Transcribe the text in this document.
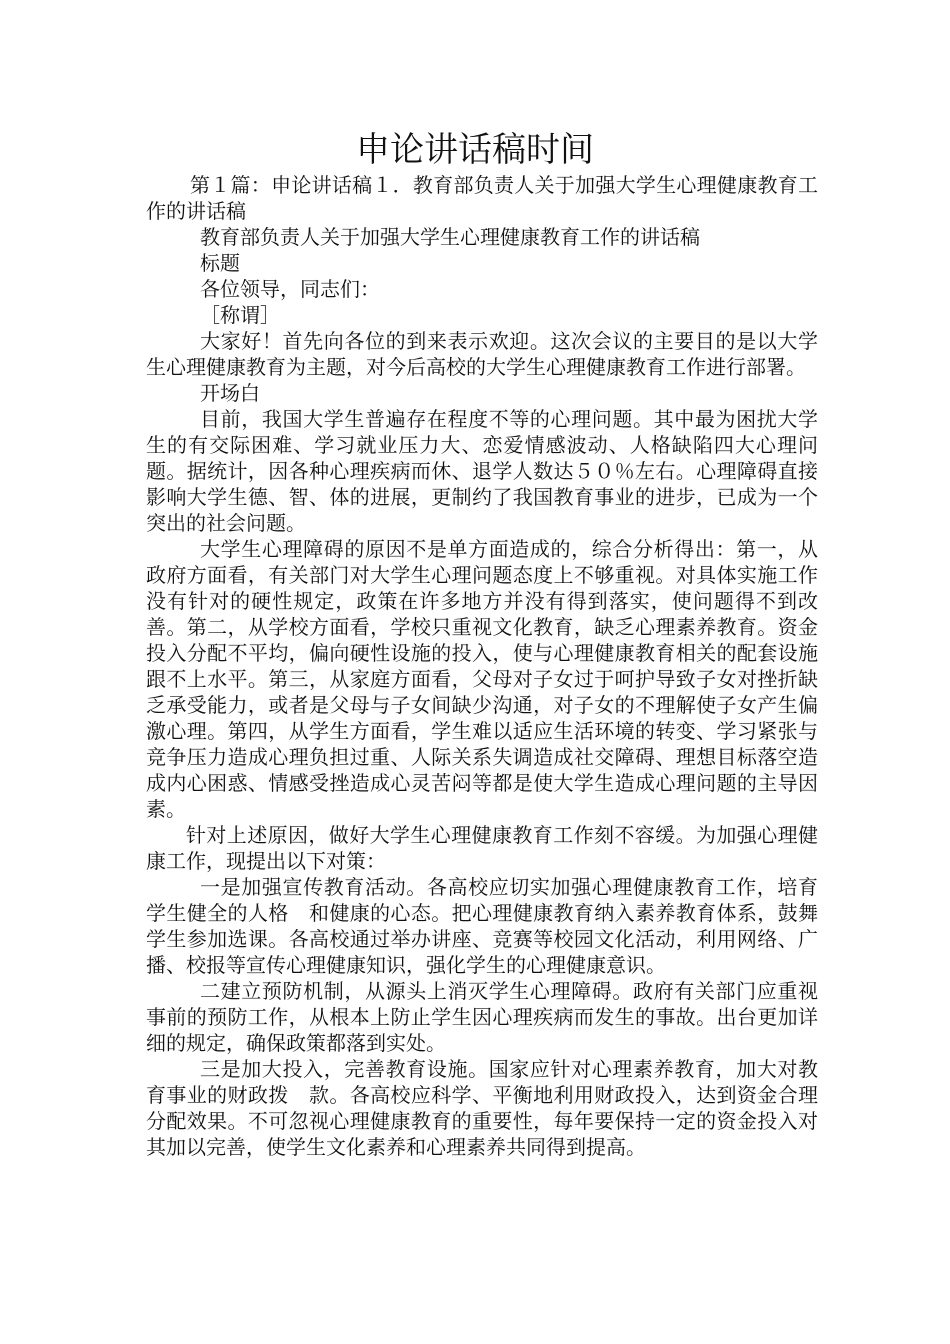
申论讲话稿时间

第１篇：申论讲话稿１．教育部负责人关于加强大学生心理健康教育工作的讲话稿

教育部负责人关于加强大学生心理健康教育工作的讲话稿

标题

各位领导，同志们：

［称谓］

大家好！首先向各位的到来表示欢迎。这次会议的主要目的是以大学生心理健康教育为主题，对今后高校的大学生心理健康教育工作进行部署。

开场白

目前，我国大学生普遍存在程度不等的心理问题。其中最为困扰大学生的有交际困难、学习就业压力大、恋爱情感波动、人格缺陷四大心理问题。据统计，因各种心理疾病而休、退学人数达５０％左右。心理障碍直接影响大学生德、智、体的进展，更制约了我国教育事业的进步，已成为一个突出的社会问题。

大学生心理障碍的原因不是单方面造成的，综合分析得出：第一，从政府方面看，有关部门对大学生心理问题态度上不够重视。对具体实施工作没有针对的硬性规定，政策在许多地方并没有得到落实，使问题得不到改善。第二，从学校方面看，学校只重视文化教育，缺乏心理素养教育。资金投入分配不平均，偏向硬性设施的投入，使与心理健康教育相关的配套设施跟不上水平。第三，从家庭方面看，父母对子女过于呵护导致子女对挫折缺乏承受能力，或者是父母与子女间缺少沟通，对子女的不理解使子女产生偏激心理。第四，从学生方面看，学生难以适应生活环境的转变、学习紧张与竞争压力造成心理负担过重、人际关系失调造成社交障碍、理想目标落空造成内心困惑、情感受挫造成心灵苦闷等都是使大学生造成心理问题的主导因素。

针对上述原因，做好大学生心理健康教育工作刻不容缓。为加强心理健康工作，现提出以下对策：

一是加强宣传教育活动。各高校应切实加强心理健康教育工作，培育学生健全的人格　和健康的心态。把心理健康教育纳入素养教育体系，鼓舞学生参加选课。各高校通过举办讲座、竞赛等校园文化活动，利用网络、广播、校报等宣传心理健康知识，强化学生的心理健康意识。

二建立预防机制，从源头上消灭学生心理障碍。政府有关部门应重视事前的预防工作，从根本上防止学生因心理疾病而发生的事故。出台更加详细的规定，确保政策都落到实处。

三是加大投入，完善教育设施。国家应针对心理素养教育，加大对教育事业的财政拨　款。各高校应科学、平衡地利用财政投入，达到资金合理分配效果。不可忽视心理健康教育的重要性，每年要保持一定的资金投入对其加以完善，使学生文化素养和心理素养共同得到提高。
